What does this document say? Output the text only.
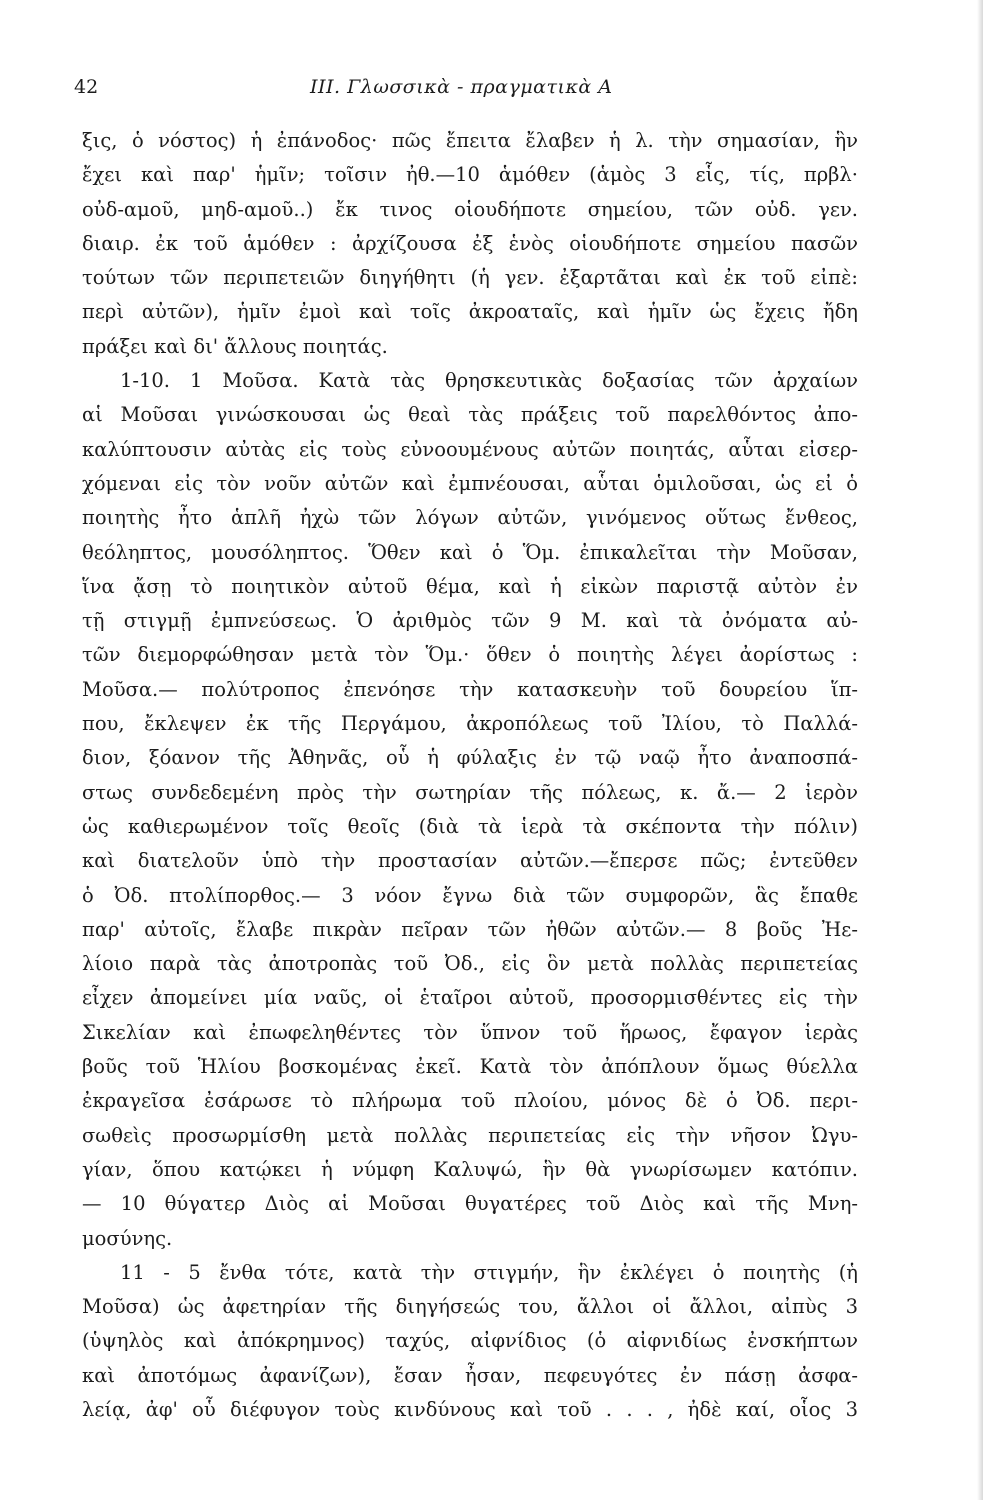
42	III. Γλωσσικὰ - πραγματικὰ Α
ξις, ὁ νόστος) ἡ ἐπάνοδος· πῶς ἔπειτα ἔλαβεν ἡ λ. τὴν σημασίαν, ἣν
ἔχει καὶ παρ' ἡμῖν; τοῖσιν ἠθ.—10 ἁμόθεν (ἁμὸς 3 εἷς, τίς, πρβλ·
οὐδ-αμοῦ, μηδ-αμοῦ..) ἔκ τινος οἱουδήποτε σημείου, τῶν οὐδ. γεν.
διαιρ. ἐκ τοῦ ἁμόθεν : ἀρχίζουσα ἐξ ἑνὸς οἱουδήποτε σημείου πασῶν
τούτων τῶν περιπετειῶν διηγήθητι (ἡ γεν. ἐξαρτᾶται καὶ ἐκ τοῦ εἰπὲ:
περὶ αὐτῶν), ἡμῖν ἐμοὶ καὶ τοῖς ἀκροαταῖς, καὶ ἡμῖν ὡς ἔχεις ἤδη
πράξει καὶ δι' ἄλλους ποιητάς.
1-10. 1 Μοῦσα. Κατὰ τὰς θρησκευτικὰς δοξασίας τῶν ἀρχαίων
αἱ Μοῦσαι γινώσκουσαι ὡς θεαὶ τὰς πράξεις τοῦ παρελθόντος ἀπο-
καλύπτουσιν αὐτὰς εἰς τοὺς εὐνοουμένους αὐτῶν ποιητάς, αὗται εἰσερ-
χόμεναι εἰς τὸν νοῦν αὐτῶν καὶ ἐμπνέουσαι, αὗται ὁμιλοῦσαι, ὡς εἰ ὁ
ποιητὴς ἦτο ἁπλῆ ἠχὼ τῶν λόγων αὐτῶν, γινόμενος οὕτως ἔνθεος,
θεόληπτος, μουσόληπτος. Ὅθεν καὶ ὁ Ὅμ. ἐπικαλεῖται τὴν Μοῦσαν,
ἵνα ᾄσῃ τὸ ποιητικὸν αὐτοῦ θέμα, καὶ ἡ εἰκὼν παριστᾷ αὐτὸν ἐν
τῇ στιγμῇ ἐμπνεύσεως. Ὁ ἀριθμὸς τῶν 9 Μ. καὶ τὰ ὀνόματα αὐ-
τῶν διεμορφώθησαν μετὰ τὸν Ὅμ.· ὅθεν ὁ ποιητὴς λέγει ἀορίστως :
Μοῦσα.— πολύτροπος ἐπενόησε τὴν κατασκευὴν τοῦ δουρείου ἵπ-
που, ἔκλεψεν ἐκ τῆς Περγάμου, ἀκροπόλεως τοῦ Ἰλίου, τὸ Παλλά-
διον, ξόανον τῆς Ἀθηνᾶς, οὗ ἡ φύλαξις ἐν τῷ ναῷ ἦτο ἀναποσπά-
στως συνδεδεμένη πρὸς τὴν σωτηρίαν τῆς πόλεως, κ. ἄ.— 2 ἱερὸν
ὡς καθιερωμένον τοῖς θεοῖς (διὰ τὰ ἱερὰ τὰ σκέποντα τὴν πόλιν)
καὶ διατελοῦν ὑπὸ τὴν προστασίαν αὐτῶν.—ἔπερσε πῶς; ἐντεῦθεν
ὁ Ὀδ. πτολίπορθος.— 3 νόον ἔγνω διὰ τῶν συμφορῶν, ἃς ἔπαθε
παρ' αὐτοῖς, ἔλαβε πικρὰν πεῖραν τῶν ἠθῶν αὐτῶν.— 8 βοῦς Ἠε-
λίοιο παρὰ τὰς ἀποτροπὰς τοῦ Ὀδ., εἰς ὃν μετὰ πολλὰς περιπετείας
εἶχεν ἀπομείνει μία ναῦς, οἱ ἑταῖροι αὐτοῦ, προσορμισθέντες εἰς τὴν
Σικελίαν καὶ ἐπωφεληθέντες τὸν ὕπνον τοῦ ἥρωος, ἔφαγον ἱερὰς
βοῦς τοῦ Ἡλίου βοσκομένας ἐκεῖ. Κατὰ τὸν ἀπόπλουν ὅμως θύελλα
ἐκραγεῖσα ἐσάρωσε τὸ πλήρωμα τοῦ πλοίου, μόνος δὲ ὁ Ὀδ. περι-
σωθεὶς προσωρμίσθη μετὰ πολλὰς περιπετείας εἰς τὴν νῆσον Ὠγυ-
γίαν, ὅπου κατῴκει ἡ νύμφη Καλυψώ, ἣν θὰ γνωρίσωμεν κατόπιν.
— 10 θύγατερ Διὸς αἱ Μοῦσαι θυγατέρες τοῦ Διὸς καὶ τῆς Μνη-
μοσύνης.
11 - 5 ἔνθα τότε, κατὰ τὴν στιγμήν, ἣν ἐκλέγει ὁ ποιητὴς (ἡ
Μοῦσα) ὡς ἀφετηρίαν τῆς διηγήσεώς του, ἄλλοι οἱ ἄλλοι, αἰπὺς 3
(ὑψηλὸς καὶ ἀπόκρημνος) ταχύς, αἰφνίδιος (ὁ αἰφνιδίως ἐνσκήπτων
καὶ ἀποτόμως ἀφανίζων), ἔσαν ἦσαν, πεφευγότες ἐν πάσῃ ἀσφα-
λείᾳ, ἀφ' οὗ διέφυγον τοὺς κινδύνους καὶ τοῦ . . . , ἠδὲ καί, οἷος 3
